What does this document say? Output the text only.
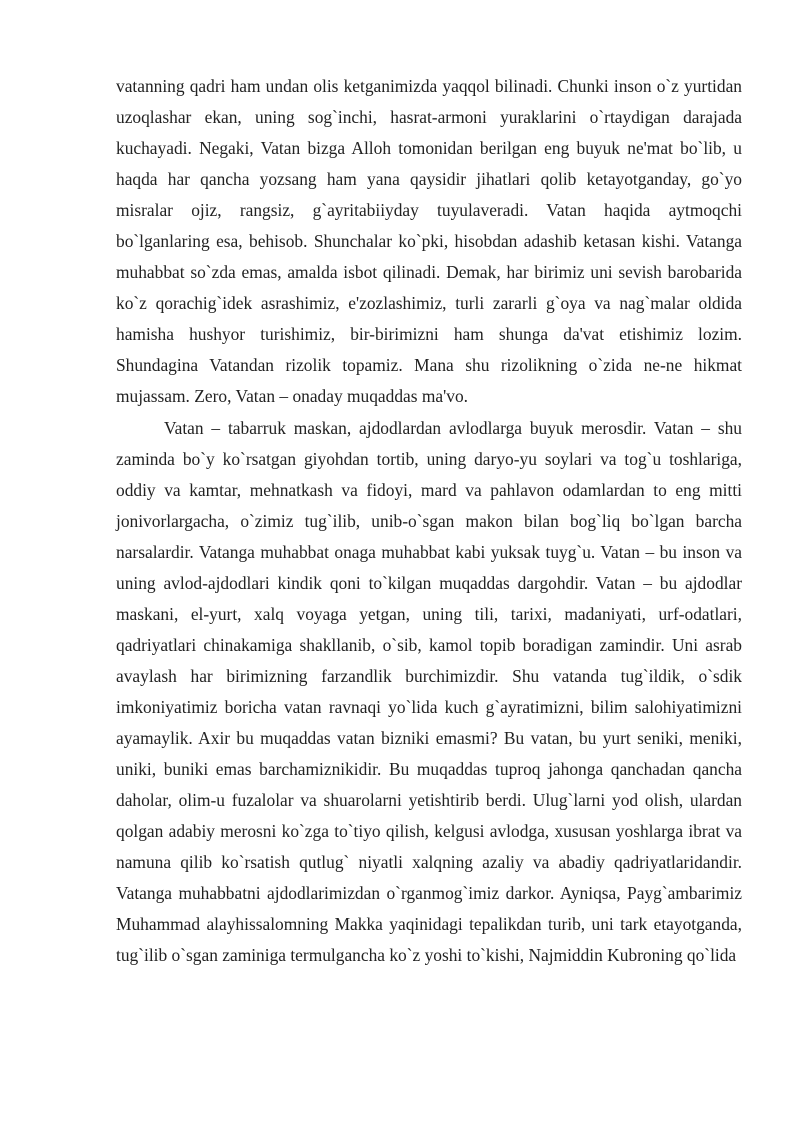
vatanning qadri ham undan olis ketganimizda yaqqol bilinadi. Chunki inson o`z yurtidan uzoqlashar ekan, uning sog`inchi, hasrat-armoni yuraklarini o`rtaydigan darajada kuchayadi. Negaki, Vatan bizga Alloh tomonidan berilgan eng buyuk ne'mat bo`lib, u haqda har qancha yozsang ham yana qaysidir jihatlari qolib ketayotganday, go`yo misralar ojiz, rangsiz, g`ayritabiiyday tuyulaveradi. Vatan haqida aytmoqchi bo`lganlaring esa, behisob. Shunchalar ko`pki, hisobdan adashib ketasan kishi. Vatanga muhabbat so`zda emas, amalda isbot qilinadi. Demak, har birimiz uni sevish barobarida ko`z qorachig`idek asrashimiz, e'zozlashimiz, turli zararli g`oya va nag`malar oldida hamisha hushyor turishimiz, bir-birimizni ham shunga da'vat etishimiz lozim. Shundagina Vatandan rizolik topamiz. Mana shu rizolikning o`zida ne-ne hikmat mujassam. Zero, Vatan – onaday muqaddas ma'vo.

Vatan – tabarruk maskan, ajdodlardan avlodlarga buyuk merosdir. Vatan – shu zaminda bo`y ko`rsatgan giyohdan tortib, uning daryo-yu soylari va tog`u toshlariga, oddiy va kamtar, mehnatkash va fidoyi, mard va pahlavon odamlardan to eng mitti jonivorlargacha, o`zimiz tug`ilib, unib-o`sgan makon bilan bog`liq bo`lgan barcha narsalardir. Vatanga muhabbat onaga muhabbat kabi yuksak tuyg`u. Vatan – bu inson va uning avlod-ajdodlari kindik qoni to`kilgan muqaddas dargohdir. Vatan – bu ajdodlar maskani, el-yurt, xalq voyaga yetgan, uning tili, tarixi, madaniyati, urf-odatlari, qadriyatlari chinakamiga shakllanib, o`sib, kamol topib boradigan zamindir. Uni asrab avaylash har birimizning farzandlik burchimizdir. Shu vatanda tug`ildik, o`sdik imkoniyatimiz boricha vatan ravnaqi yo`lida kuch g`ayratimizni, bilim salohiyatimizni ayamaylik. Axir bu muqaddas vatan bizniki emasmi? Bu vatan, bu yurt seniki, meniki, uniki, buniki emas barchamiznikidir. Bu muqaddas tuproq jahonga qanchadan qancha daholar, olim-u fuzalolar va shuarolarni yetishtirib berdi. Ulug`larni yod olish, ulardan qolgan adabiy merosni ko`zga to`tiyo qilish, kelgusi avlodga, xususan yoshlarga ibrat va namuna qilib ko`rsatish qutlug` niyatli xalqning azaliy va abadiy qadriyatlaridandir. Vatanga muhabbatni ajdodlarimizdan o`rganmog`imiz darkor. Ayniqsa, Payg`ambarimiz Muhammad alayhissalomning Makka yaqinidagi tepalikdan turib, uni tark etayotganda, tug`ilib o`sgan zaminiga termulgancha ko`z yoshi to`kishi, Najmiddin Kubroning qo`lida
